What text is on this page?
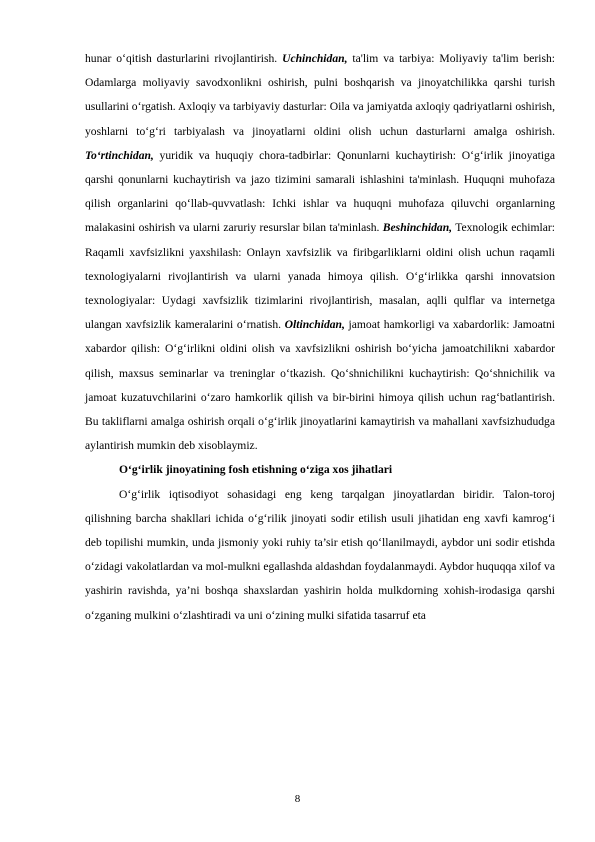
hunar o‘qitish dasturlarini rivojlantirish. Uchinchidan, ta'lim va tarbiya: Moliyaviy ta'lim berish: Odamlarga moliyaviy savodxonlikni oshirish, pulni boshqarish va jinoyatchilikka qarshi turish usullarini o‘rgatish. Axloqiy va tarbiyaviy dasturlar: Oila va jamiyatda axloqiy qadriyatlarni oshirish, yoshlarni to‘g‘ri tarbiyalash va jinoyatlarni oldini olish uchun dasturlarni amalga oshirish. To‘rtinchidan, yuridik va huquqiy chora-tadbirlar: Qonunlarni kuchaytirish: O‘g‘irlik jinoyatiga qarshi qonunlarni kuchaytirish va jazo tizimini samarali ishlashini ta'minlash. Huquqni muhofaza qilish organlarini qo‘llab-quvvatlash: Ichki ishlar va huquqni muhofaza qiluvchi organlarning malakasini oshirish va ularni zaruriy resurslar bilan ta'minlash. Beshinchidan, Texnologik echimlar: Raqamli xavfsizlikni yaxshilash: Onlayn xavfsizlik va firibgarliklarni oldini olish uchun raqamli texnologiyalarni rivojlantirish va ularni yanada himoya qilish. O‘g‘irlikka qarshi innovatsion texnologiyalar: Uydagi xavfsizlik tizimlarini rivojlantirish, masalan, aqlli qulflar va internetga ulangan xavfsizlik kameralarini o‘rnatish. Oltinchidan, jamoat hamkorligi va xabardorlik: Jamoatni xabardor qilish: O‘g‘irlikni oldini olish va xavfsizlikni oshirish bo‘yicha jamoatchilikni xabardor qilish, maxsus seminarlar va treninglar o‘tkazish. Qo‘shnichilikni kuchaytirish: Qo‘shnichilik va jamoat kuzatuvchilarini o‘zaro hamkorlik qilish va bir-birini himoya qilish uchun rag‘batlantirish. Bu takliflarni amalga oshirish orqali o‘g‘irlik jinoyatlarini kamaytirish va mahallani xavfsizhududga aylantirish mumkin deb xisoblaymiz.

O‘g‘irlik jinoyatining fosh etishning o‘ziga xos jihatlari

O‘g‘irlik iqtisodiyot sohasidagi eng keng tarqalgan jinoyatlardan biridir. Talon-toroj qilishning barcha shakllari ichida o‘g‘rilik jinoyati sodir etilish usuli jihatidan eng xavfi kamrog‘i deb topilishi mumkin, unda jismoniy yoki ruhiy ta’sir etish qo‘llanilmaydi, aybdor uni sodir etishda o‘zidagi vakolatlardan va mol-mulkni egallashda aldashdan foydalanmaydi. Aybdor huquqqa xilof va yashirin ravishda, ya’ni boshqa shaxslardan yashirin holda mulkdorning xohish-irodasiga qarshi o‘zganing mulkini o‘zlashtiradi va uni o‘zining mulki sifatida tasarruf eta

8
